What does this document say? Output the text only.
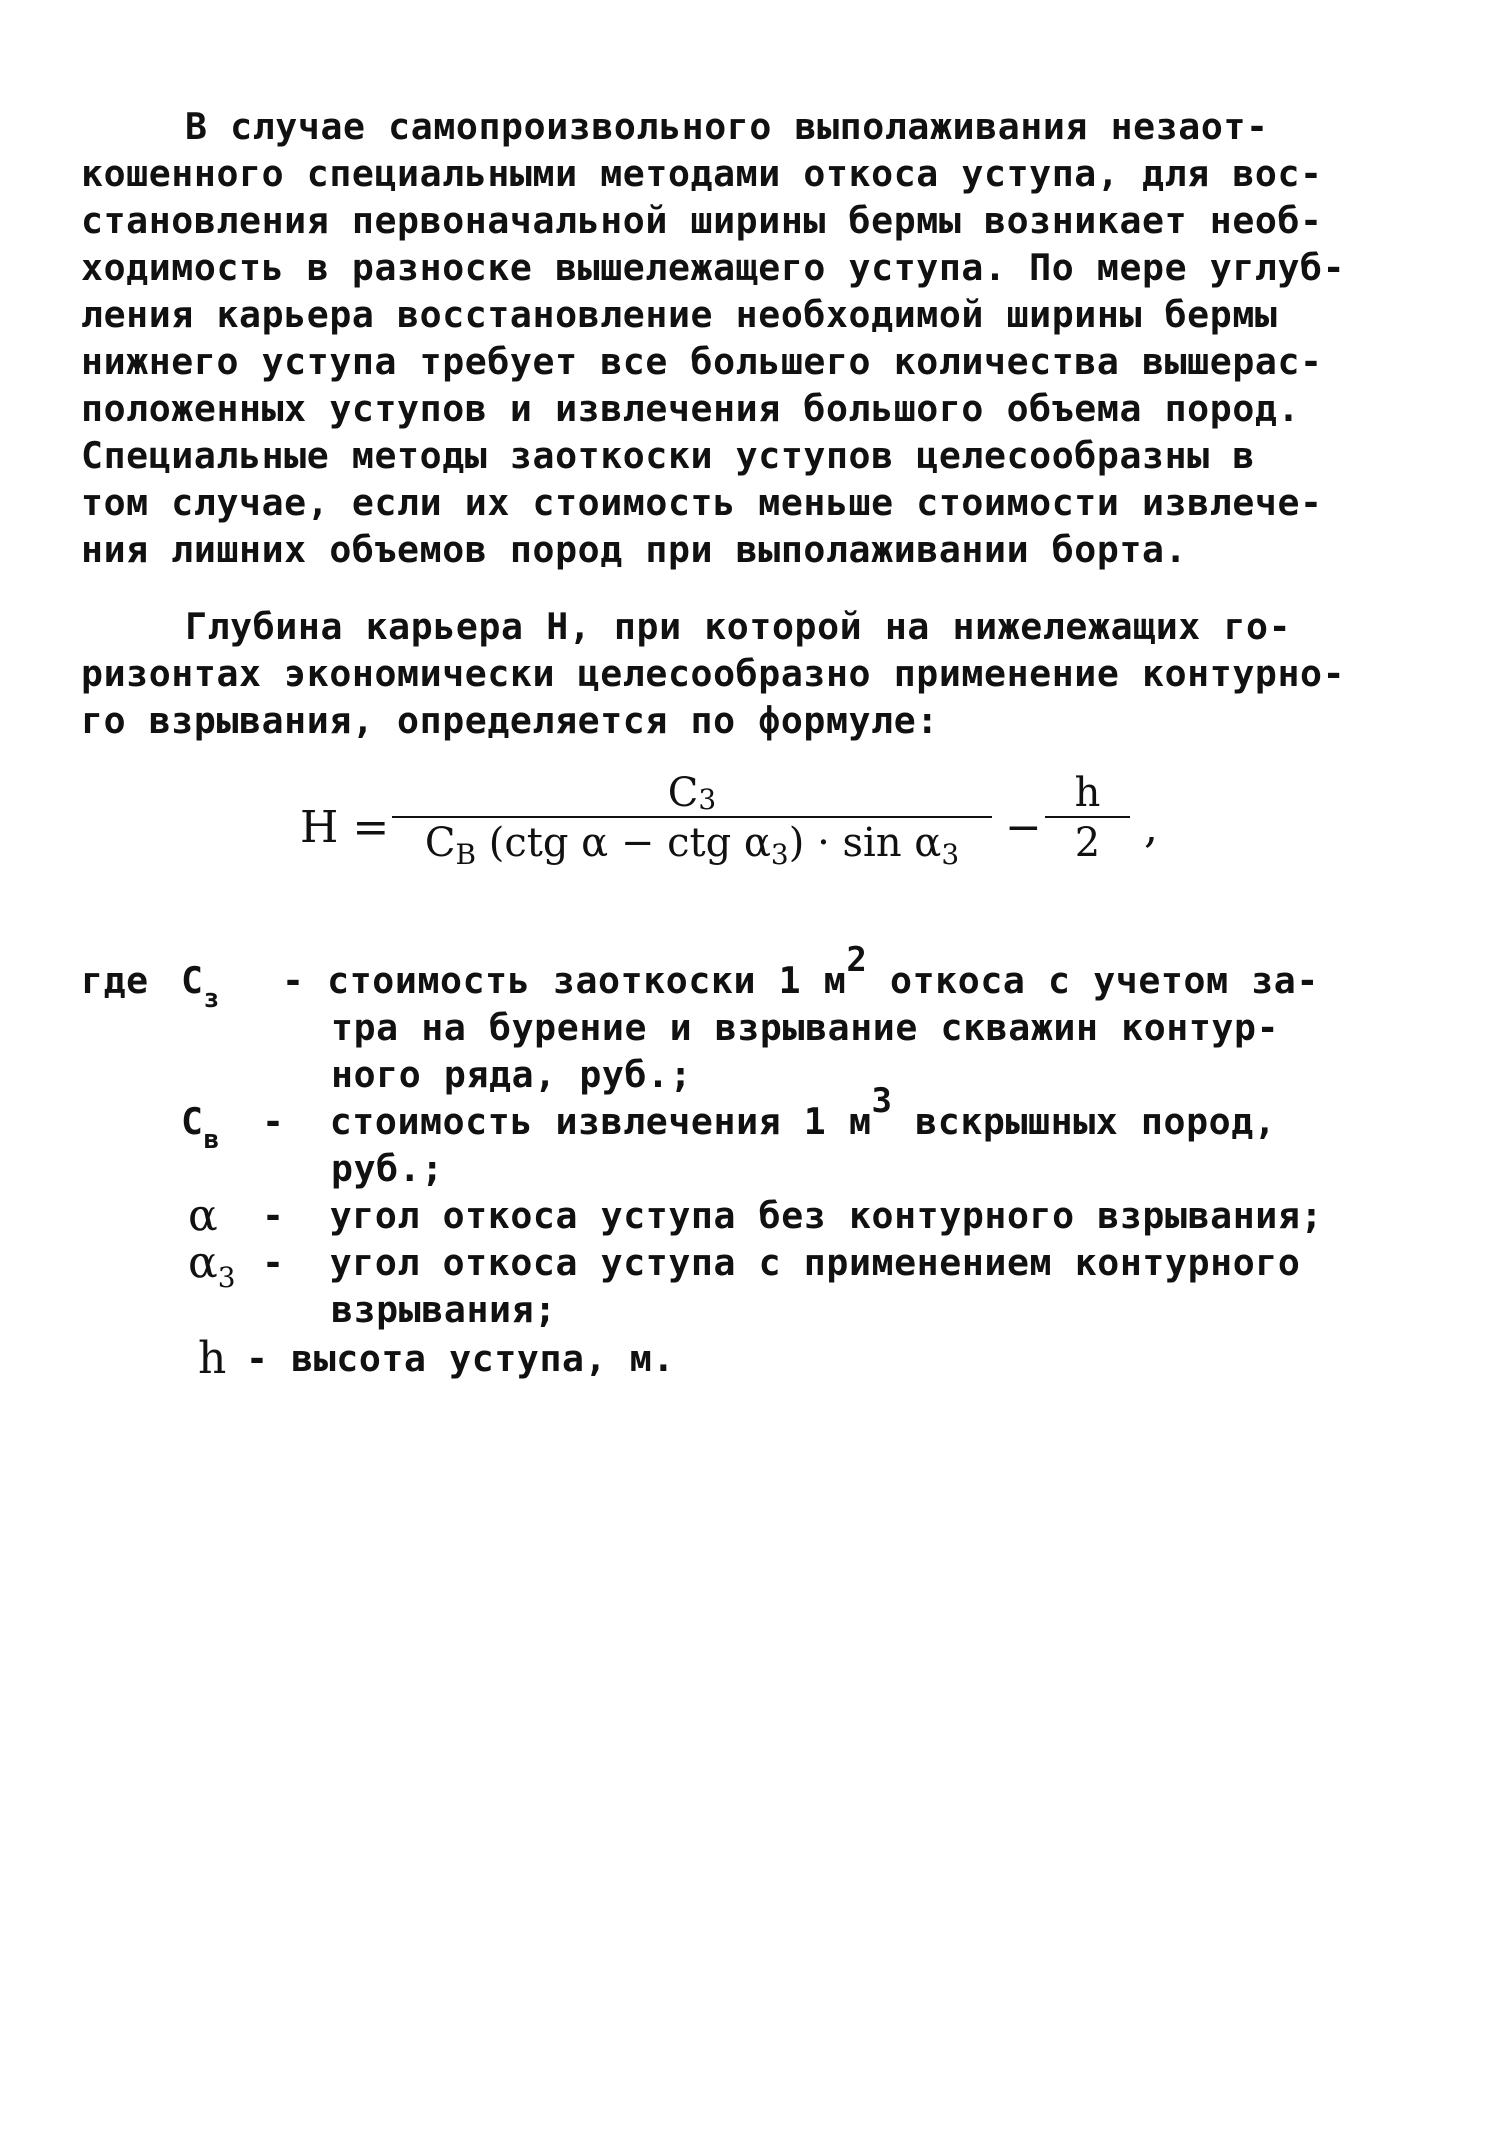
В случае самопроизвольного выполаживания незаот-
кошенного специальными методами откоса уступа, для вос-
становления первоначальной ширины бермы возникает необ-
ходимость в разноске вышележащего уступа. По мере углуб-
ления карьера восстановление необходимой ширины бермы
нижнего уступа требует все большего количества вышерас-
положенных уступов и извлечения большого объема пород.
Специальные методы заоткоски уступов целесообразны в
том случае, если их стоимость меньше стоимости извлече-
ния лишних объемов пород при выполаживании борта.
Глубина карьера Н, при которой на нижележащих го-
ризонтах экономически целесообразно применение контурно-
го взрывания, определяется по формуле:
H =
C 3
$C_B$ (ctg α − ctg $\alpha_3) \cdot \sin \alpha_3$
−
h
2 ,
где $С_з$ - стоимость заоткоски 1 м2 откоса с учетом за-
тра на бурение и взрывание скважин контур-
ного ряда, руб.;
$С_в$ -  стоимость извлечения 1 м3 вскрышных пород,
руб.;
α -  угол откоса уступа без контурного взрывания;
$\alpha_3$ -  угол откоса уступа с применением контурного
взрывания;
h - высота уступа, м.
